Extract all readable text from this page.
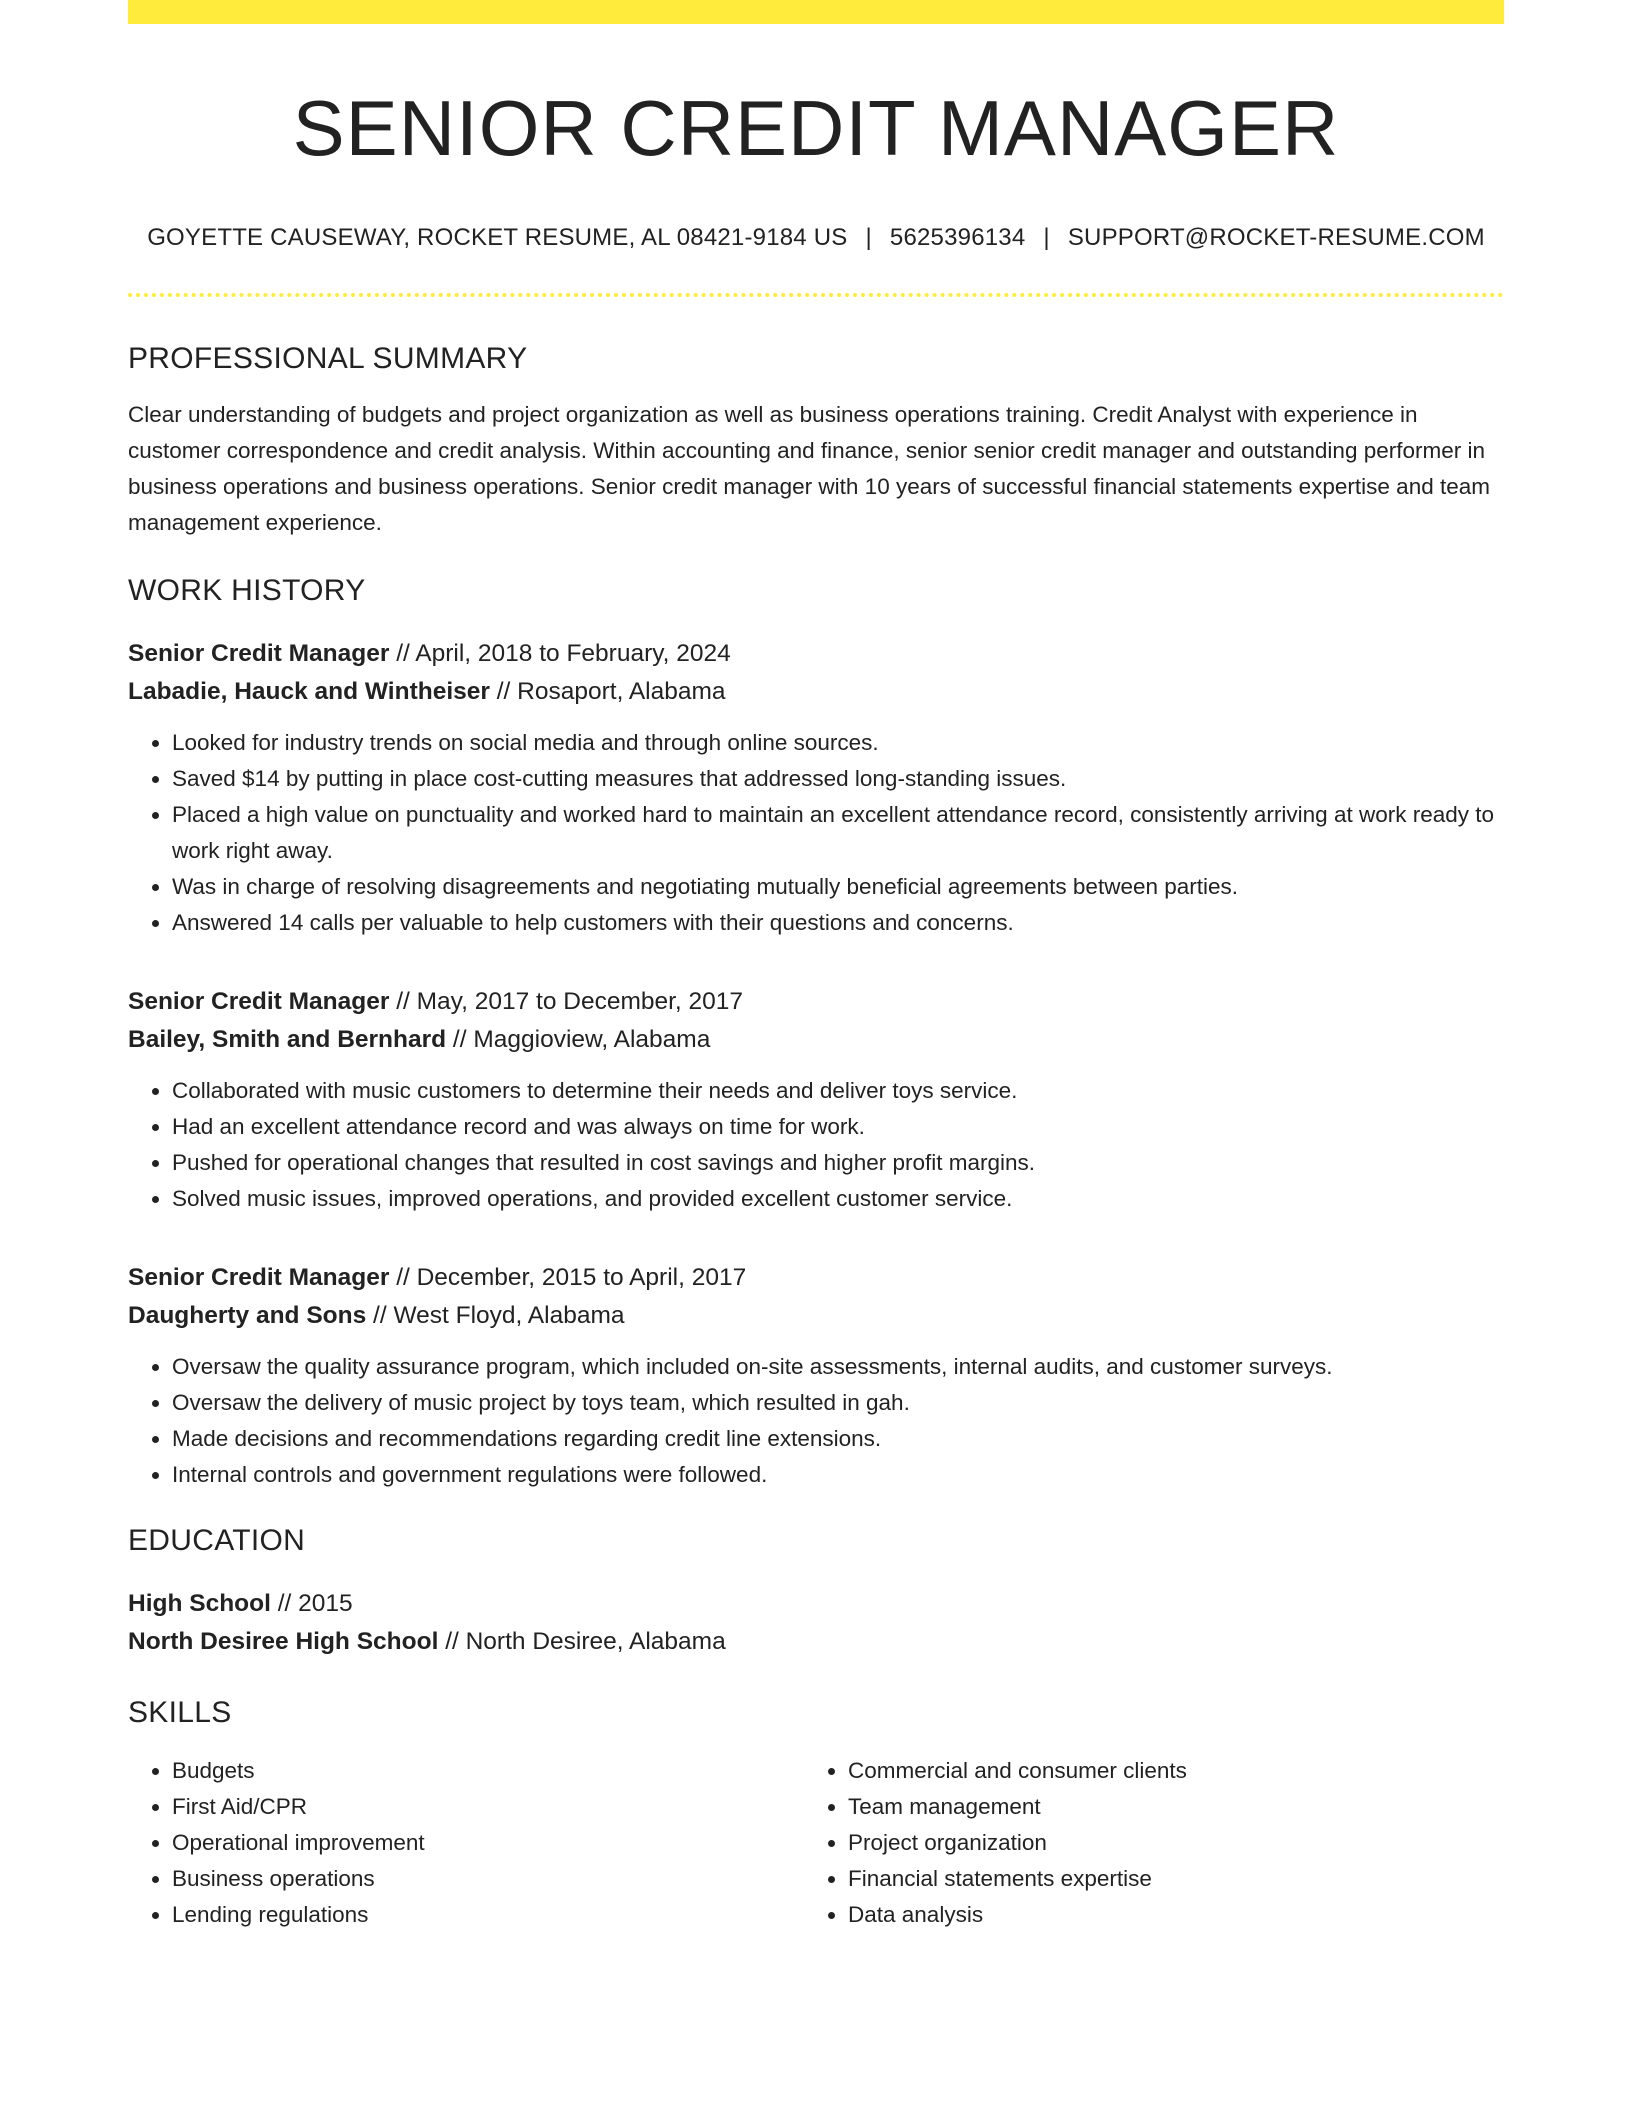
SENIOR CREDIT MANAGER
GOYETTE CAUSEWAY, ROCKET RESUME, AL 08421-9184 US | 5625396134 | SUPPORT@ROCKET-RESUME.COM
PROFESSIONAL SUMMARY

Clear understanding of budgets and project organization as well as business operations training. Credit Analyst with experience in customer correspondence and credit analysis. Within accounting and finance, senior senior credit manager and outstanding performer in business operations and business operations. Senior credit manager with 10 years of successful financial statements expertise and team management experience.

WORK HISTORY
Senior Credit Manager // April, 2018 to February, 2024
Labadie, Hauck and Wintheiser // Rosaport, Alabama
• Looked for industry trends on social media and through online sources.
• Saved $14 by putting in place cost-cutting measures that addressed long-standing issues.
• Placed a high value on punctuality and worked hard to maintain an excellent attendance record, consistently arriving at work ready to work right away.
• Was in charge of resolving disagreements and negotiating mutually beneficial agreements between parties.
• Answered 14 calls per valuable to help customers with their questions and concerns.
Senior Credit Manager // May, 2017 to December, 2017
Bailey, Smith and Bernhard // Maggioview, Alabama
• Collaborated with music customers to determine their needs and deliver toys service.
• Had an excellent attendance record and was always on time for work.
• Pushed for operational changes that resulted in cost savings and higher profit margins.
• Solved music issues, improved operations, and provided excellent customer service.
Senior Credit Manager // December, 2015 to April, 2017
Daugherty and Sons // West Floyd, Alabama
• Oversaw the quality assurance program, which included on-site assessments, internal audits, and customer surveys.
• Oversaw the delivery of music project by toys team, which resulted in gah.
• Made decisions and recommendations regarding credit line extensions.
• Internal controls and government regulations were followed.
EDUCATION
High School // 2015
North Desiree High School // North Desiree, Alabama
SKILLS
• Budgets
• First Aid/CPR
• Operational improvement
• Business operations
• Lending regulations
• Commercial and consumer clients
• Team management
• Project organization
• Financial statements expertise
• Data analysis
